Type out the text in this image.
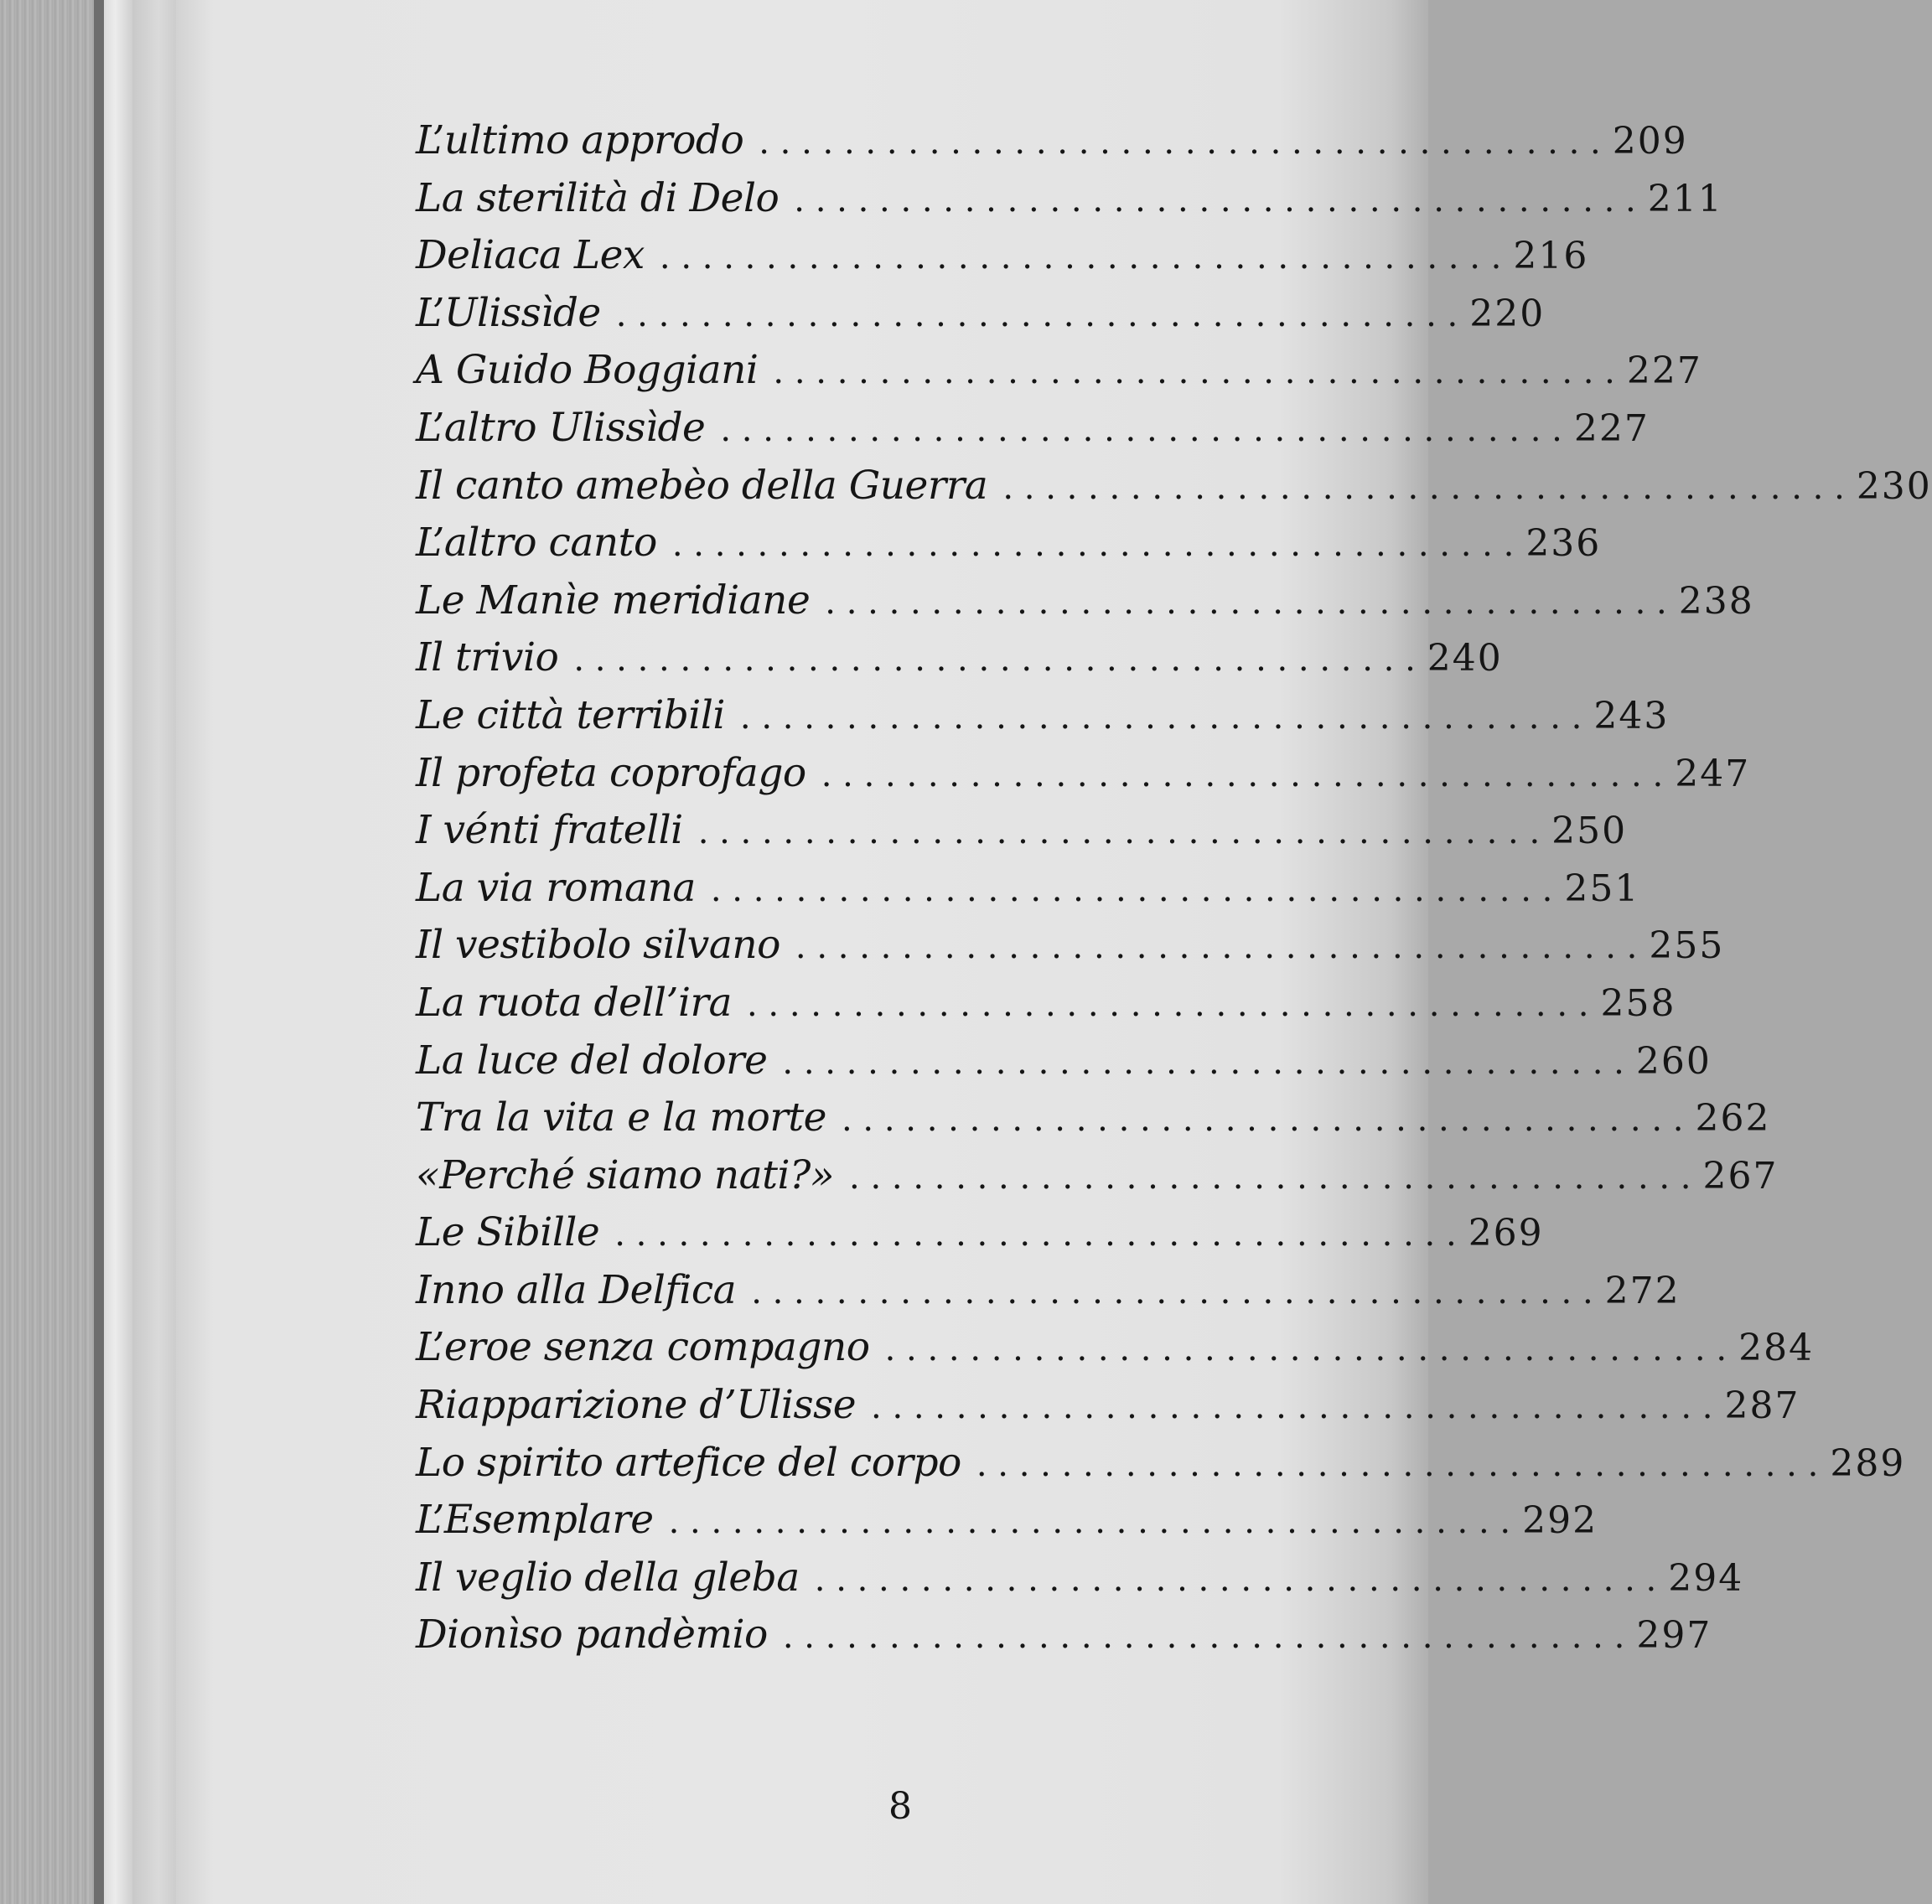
L’ultimo approdo . . . . . . . . . . . . . . . . . . . . . . . . . . . . . . . . . . . . . . . . 209
La sterilità di Delo . . . . . . . . . . . . . . . . . . . . . . . . . . . . . . . . . . . . . . . . 211
Deliaca Lex . . . . . . . . . . . . . . . . . . . . . . . . . . . . . . . . . . . . . . . . 216
L’Ulissìde . . . . . . . . . . . . . . . . . . . . . . . . . . . . . . . . . . . . . . . . 220
A Guido Boggiani . . . . . . . . . . . . . . . . . . . . . . . . . . . . . . . . . . . . . . . . 227
L’altro Ulissìde . . . . . . . . . . . . . . . . . . . . . . . . . . . . . . . . . . . . . . . . 227
Il canto amebèo della Guerra . . . . . . . . . . . . . . . . . . . . . . . . . . . . . . . . . . . . . . . . 230
L’altro canto . . . . . . . . . . . . . . . . . . . . . . . . . . . . . . . . . . . . . . . . 236
Le Manìe meridiane . . . . . . . . . . . . . . . . . . . . . . . . . . . . . . . . . . . . . . . . 238
Il trivio . . . . . . . . . . . . . . . . . . . . . . . . . . . . . . . . . . . . . . . . 240
Le città terribili . . . . . . . . . . . . . . . . . . . . . . . . . . . . . . . . . . . . . . . . 243
Il profeta coprofago . . . . . . . . . . . . . . . . . . . . . . . . . . . . . . . . . . . . . . . . 247
I vénti fratelli . . . . . . . . . . . . . . . . . . . . . . . . . . . . . . . . . . . . . . . . 250
La via romana . . . . . . . . . . . . . . . . . . . . . . . . . . . . . . . . . . . . . . . . 251
Il vestibolo silvano . . . . . . . . . . . . . . . . . . . . . . . . . . . . . . . . . . . . . . . . 255
La ruota dell’ira . . . . . . . . . . . . . . . . . . . . . . . . . . . . . . . . . . . . . . . . 258
La luce del dolore . . . . . . . . . . . . . . . . . . . . . . . . . . . . . . . . . . . . . . . . 260
Tra la vita e la morte . . . . . . . . . . . . . . . . . . . . . . . . . . . . . . . . . . . . . . . . 262
«Perché siamo nati?» . . . . . . . . . . . . . . . . . . . . . . . . . . . . . . . . . . . . . . . . 267
Le Sibille . . . . . . . . . . . . . . . . . . . . . . . . . . . . . . . . . . . . . . . . 269
Inno alla Delfica . . . . . . . . . . . . . . . . . . . . . . . . . . . . . . . . . . . . . . . . 272
L’eroe senza compagno . . . . . . . . . . . . . . . . . . . . . . . . . . . . . . . . . . . . . . . . 284
Riapparizione d’Ulisse . . . . . . . . . . . . . . . . . . . . . . . . . . . . . . . . . . . . . . . . 287
Lo spirito artefice del corpo . . . . . . . . . . . . . . . . . . . . . . . . . . . . . . . . . . . . . . . . 289
L’Esemplare . . . . . . . . . . . . . . . . . . . . . . . . . . . . . . . . . . . . . . . . 292
Il veglio della gleba . . . . . . . . . . . . . . . . . . . . . . . . . . . . . . . . . . . . . . . . 294
Dionìso pandèmio . . . . . . . . . . . . . . . . . . . . . . . . . . . . . . . . . . . . . . . . 297
8
